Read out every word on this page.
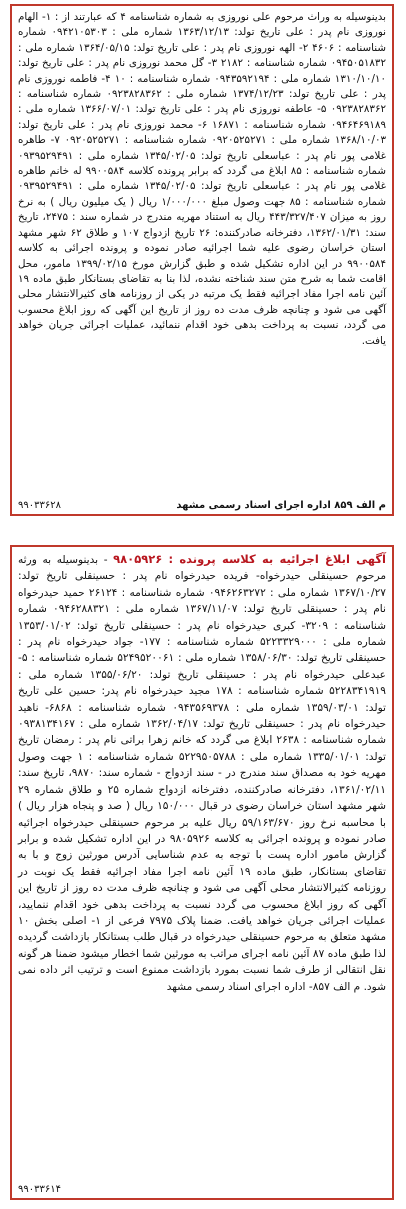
بدینوسیله به وراث مرحوم علی نوروزی به شماره شناسنامه ۴ که عبارتند از : ۱- الهام نوروزی نام پدر : علی تاریخ تولد: ۱۳۶۳/۱۲/۱۳ شماره ملی : ۰۹۴۲۱۰۵۳۰۳ شماره شناسنامه : ۴۶۰۶ ۲- الهه نوروزی نام پدر : علی تاریخ تولد: ۱۳۶۴/۰۵/۱۵ شماره ملی : ۰۹۴۵۰۵۱۸۳۲ شماره شناسنامه : ۲۱۸۲ ۳- گل محمد نوروزی نام پدر : علی تاریخ تولد: ۱۳۱۰/۱۰/۱۰ شماره ملی : ۰۹۴۳۵۹۲۱۹۴ شماره شناسنامه : ۱۰ ۴- فاطمه نوروزی نام پدر : علی تاریخ تولد: ۱۳۷۴/۱۲/۲۳ شماره ملی : ۰۹۲۳۸۲۸۳۶۲ شماره شناسنامه : ۰۹۲۳۸۲۸۳۶۲ ۵- عاطفه نوروزی نام پدر : علی تاریخ تولد: ۱۳۶۶/۰۷/۰۱ شماره ملی : ۰۹۴۶۴۶۹۱۸۹ شماره شناسنامه : ۱۶۸۷۱ ۶- محمد نوروزی نام پدر : علی تاریخ تولد: ۱۳۶۸/۱۰/۰۳ شماره ملی : ۰۹۲۰۵۲۵۲۷۱ شماره شناسنامه : ۰۹۲۰۵۲۵۲۷۱ ۷- طاهره غلامی پور نام پدر : عباسعلی تاریخ تولد: ۱۳۴۵/۰۲/۰۵ شماره ملی : ۰۹۳۹۵۲۹۴۹۱ شماره شناسنامه : ۸۵ ابلاغ می گردد که برابر پرونده کلاسه ۹۹۰۰۵۸۴ له خانم طاهره غلامی پور نام پدر : عباسعلی تاریخ تولد: ۱۳۴۵/۰۲/۰۵ شماره ملی : ۰۹۳۹۵۲۹۴۹۱ شماره شناسنامه : ۸۵ جهت وصول مبلغ ۱/۰۰۰/۰۰۰ ریال ( یک میلیون ریال ) به نرخ روز به میزان ۴۴۳/۳۲۷/۴۰۷ ریال به استناد مهریه مندرج در شماره سند : ۲۴۷۵، تاریخ سند: ۱۳۶۲/۰۱/۳۱، دفترخانه صادرکننده: ۲۶ تاریخ ازدواج ۱۰۷ و طلاق ۶۲ شهر مشهد استان خراسان رضوی علیه شما اجرائیه صادر نموده و پرونده اجرائی به کلاسه ۹۹۰۰۵۸۴ در این اداره تشکیل شده و طبق گزارش مورخ ۱۳۹۹/۰۲/۱۵ مامور، محل اقامت شما به شرح متن سند شناخته نشده، لذا بنا به تقاضای بستانکار طبق ماده ۱۹ آئین نامه اجرا مفاد اجرائیه فقط یک مرتبه در یکی از روزنامه های کثیرالانتشار محلی آگهی می شود و چنانچه ظرف مدت ده روز از تاریخ این آگهی که روز ابلاغ محسوب می گردد، نسبت به پرداخت بدهی خود اقدام ننمائید، عملیات اجرائی جریان خواهد یافت.

م الف ۸۵۹ اداره اجرای اسناد رسمی مشهد
۹۹۰۳۳۶۲۸

آگهی ابلاغ اجرائیه به کلاسه پرونده : ۹۸۰۵۹۲۶ - بدینوسیله به ورثه مرحوم حسینقلی حیدرخواه- فریده حیدرخواه نام پدر : حسینقلی تاریخ تولد: ۱۳۶۷/۱۰/۲۷ شماره ملی : ۰۹۴۶۲۶۳۲۷۲ شماره شناسنامه : ۲۶۱۲۴ حمید حیدرخواه نام پدر : حسینقلی تاریخ تولد: ۱۳۶۷/۱۱/۰۷ شماره ملی : ۰۹۴۶۲۸۸۳۲۱ شماره شناسنامه : ۳۲۰۹- کبری حیدرخواه نام پدر : حسینقلی تاریخ تولد: ۱۳۵۳/۰۱/۰۲ شماره ملی : ۵۲۲۳۳۲۹۰۰۰ شماره شناسنامه : ۱۷۷- جواد حیدرخواه نام پدر : حسینقلی تاریخ تولد: ۱۳۵۸/۰۶/۳۰ شماره ملی : ۵۲۴۹۵۲۰۰۶۱ شماره شناسنامه : ۵- عبدعلی حیدرخواه نام پدر : حسینقلی تاریخ تولد: ۱۳۵۵/۰۶/۲۰ شماره ملی : ۵۲۲۸۳۴۱۹۱۹ شماره شناسنامه : ۱۷۸ مجید حیدرخواه نام پدر: حسین علی تاریخ تولد: ۱۳۵۹/۰۳/۰۱ شماره ملی : ۰۹۴۳۵۶۹۳۷۸ شماره شناسنامه : ۶۸۶۸- ناهید حیدرخواه نام پدر : حسینقلی تاریخ تولد: ۱۳۶۲/۰۴/۱۷ شماره ملی : ۰۹۳۸۱۳۴۱۶۷ شماره شناسنامه : ۲۶۳۸ ابلاغ می گردد که خانم زهرا براتی نام پدر : رمضان تاریخ تولد: ۱۳۳۵/۰۱/۰۱ شماره ملی : ۵۲۲۹۵۰۵۷۸۸ شماره شناسنامه : ۱ جهت وصول مهریه خود به مصداق سند مندرج در - سند ازدواج - شماره سند: ۹۸۷۰، تاریخ سند: ۱۳۶۱/۰۲/۱۱، دفترخانه صادرکننده، دفترخانه ازدواج شماره ۲۵ و طلاق شماره ۲۹ شهر مشهد استان خراسان رضوی در قبال ۱۵۰/۰۰۰ ریال ( صد و پنجاه هزار ریال ) با محاسبه نرخ روز ۵۹/۱۶۳/۶۷۰ ریال علیه بر مرحوم حسینقلی حیدرخواه اجرائیه صادر نموده و پرونده اجرائی به کلاسه ۹۸۰۵۹۲۶ در این اداره تشکیل شده و برابر گزارش مامور اداره پست با توجه به عدم شناسایی آدرس مورثین زوج و با به تقاضای بستانکار، طبق ماده ۱۹ آئین نامه اجرا مفاد اجرائیه فقط یک نوبت در روزنامه کثیرالانتشار محلی آگهی می شود و چنانچه ظرف مدت ده روز از تاریخ این آگهی که روز ابلاغ محسوب می گردد نسبت به پرداخت بدهی خود اقدام ننمایید، عملیات اجرائی جریان خواهد یافت. ضمنا پلاک ۷۹۷۵ فرعی از ۱- اصلی بخش ۱۰ مشهد متعلق به مرحوم حسینقلی حیدرخواه در قبال طلب بستانکار بازداشت گردیده لذا طبق ماده ۸۷ آئین نامه اجرای مراتب به مورثین شما اخطار میشود ضمنا هر گونه نقل انتقالی از طرف شما نسبت بمورد بازداشت ممنوع است و ترتیب اثر داده نمی شود. م الف ۸۵۷- اداره اجرای اسناد رسمی مشهد

۹۹۰۳۳۶۱۴
